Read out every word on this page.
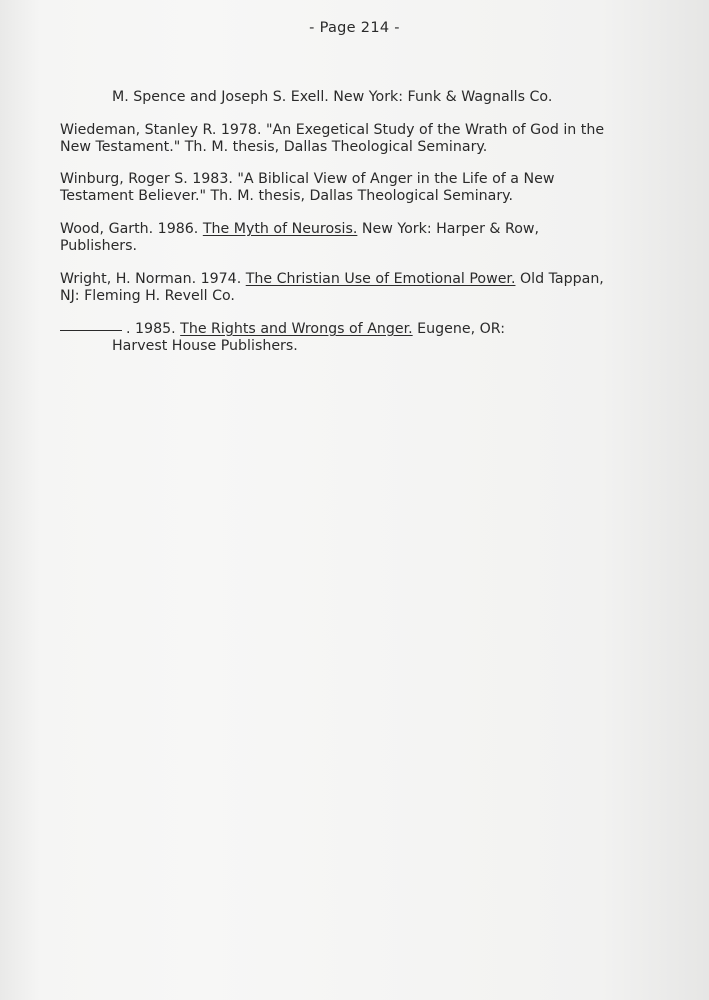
- Page 214 -
M. Spence and Joseph S. Exell. New York: Funk & Wagnalls Co.
Wiedeman, Stanley R. 1978. "An Exegetical Study of the Wrath of God in the
New Testament." Th. M. thesis, Dallas Theological Seminary.
Winburg, Roger S. 1983. "A Biblical View of Anger in the Life of a New
Testament Believer." Th. M. thesis, Dallas Theological Seminary.
Wood, Garth. 1986. The Myth of Neurosis. New York: Harper & Row,
Publishers.
Wright, H. Norman. 1974. The Christian Use of Emotional Power. Old Tappan,
NJ: Fleming H. Revell Co.
. 1985. The Rights and Wrongs of Anger. Eugene, OR:
Harvest House Publishers.
